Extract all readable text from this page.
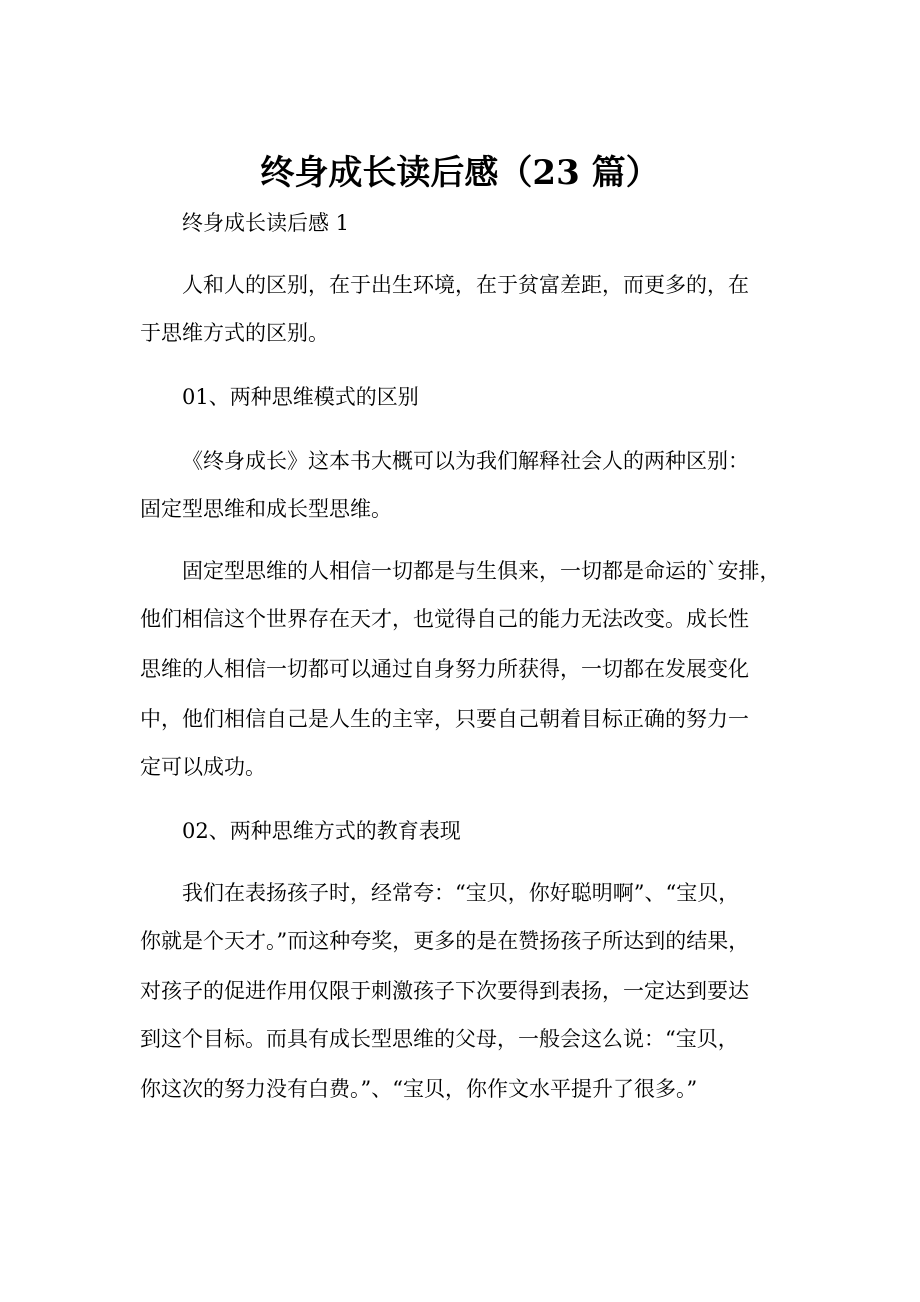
终身成长读后感（23 篇）

终身成长读后感 1

人和人的区别，在于出生环境，在于贫富差距，而更多的，在

于思维方式的区别。

01、两种思维模式的区别

《终身成长》这本书大概可以为我们解释社会人的两种区别：

固定型思维和成长型思维。

固定型思维的人相信一切都是与生俱来，一切都是命运的`安排，

他们相信这个世界存在天才，也觉得自己的能力无法改变。成长性

思维的人相信一切都可以通过自身努力所获得，一切都在发展变化

中，他们相信自己是人生的主宰，只要自己朝着目标正确的努力一

定可以成功。

02、两种思维方式的教育表现

我们在表扬孩子时，经常夸：“宝贝，你好聪明啊”、“宝贝，

你就是个天才。”而这种夸奖，更多的是在赞扬孩子所达到的结果，

对孩子的促进作用仅限于刺激孩子下次要得到表扬，一定达到要达

到这个目标。而具有成长型思维的父母，一般会这么说：“宝贝，

你这次的努力没有白费。”、“宝贝，你作文水平提升了很多。”
